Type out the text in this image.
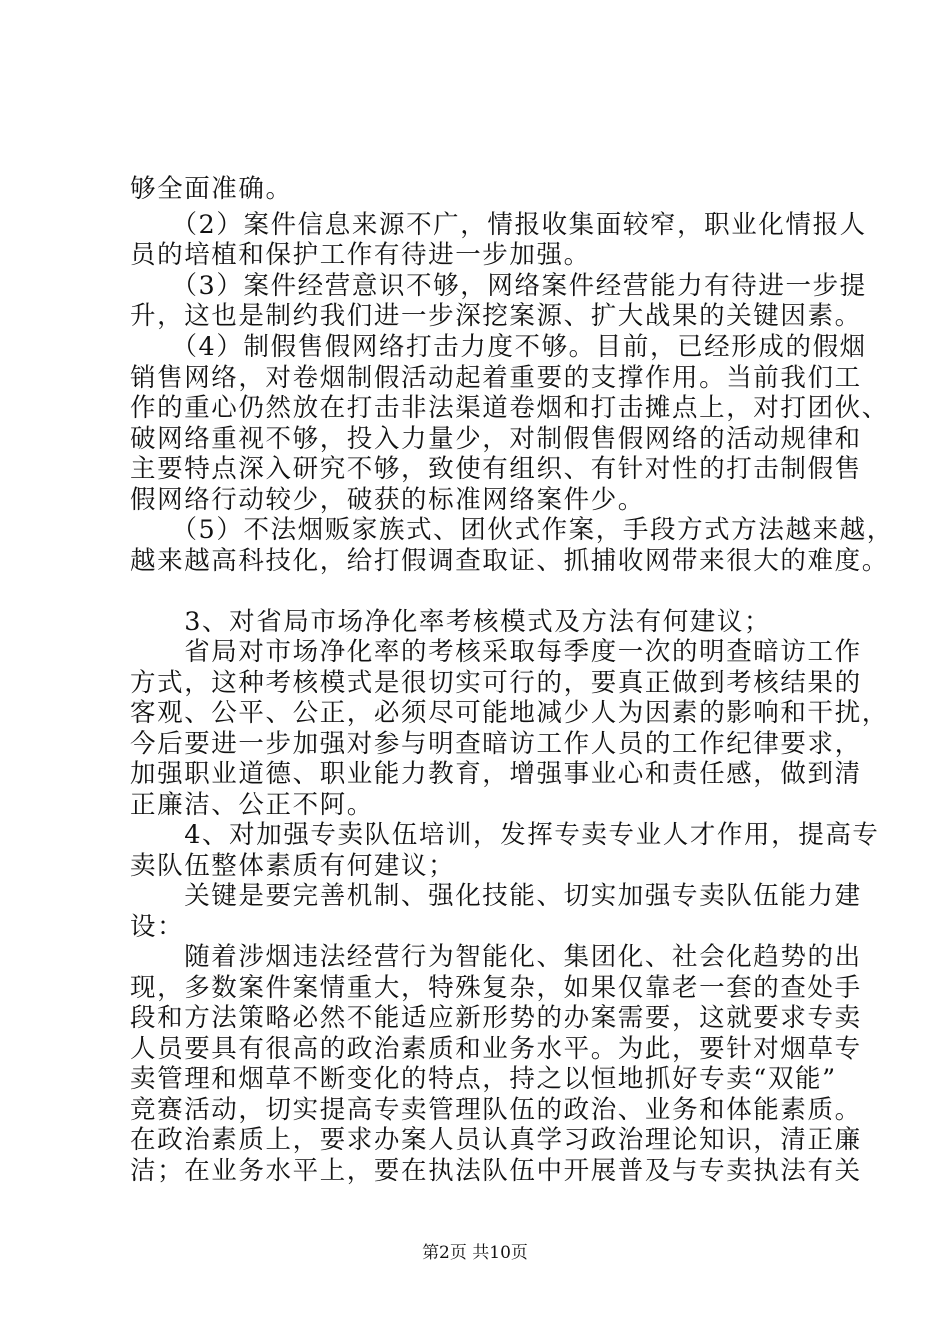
够全面准确。
　　（2）案件信息来源不广，情报收集面较窄，职业化情报人
员的培植和保护工作有待进一步加强。
　　（3）案件经营意识不够，网络案件经营能力有待进一步提
升，这也是制约我们进一步深挖案源、扩大战果的关键因素。
　　（4）制假售假网络打击力度不够。目前，已经形成的假烟
销售网络，对卷烟制假活动起着重要的支撑作用。当前我们工
作的重心仍然放在打击非法渠道卷烟和打击摊点上，对打团伙、
破网络重视不够，投入力量少，对制假售假网络的活动规律和
主要特点深入研究不够，致使有组织、有针对性的打击制假售
假网络行动较少，破获的标准网络案件少。
　　（5）不法烟贩家族式、团伙式作案，手段方式方法越来越，
越来越高科技化，给打假调查取证、抓捕收网带来很大的难度。
　　3、对省局市场净化率考核模式及方法有何建议；
　　省局对市场净化率的考核采取每季度一次的明查暗访工作
方式，这种考核模式是很切实可行的，要真正做到考核结果的
客观、公平、公正，必须尽可能地减少人为因素的影响和干扰，
今后要进一步加强对参与明查暗访工作人员的工作纪律要求，
加强职业道德、职业能力教育，增强事业心和责任感，做到清
正廉洁、公正不阿。
　　4、对加强专卖队伍培训，发挥专卖专业人才作用，提高专
卖队伍整体素质有何建议；
　　关键是要完善机制、强化技能、切实加强专卖队伍能力建
设：
　　随着涉烟违法经营行为智能化、集团化、社会化趋势的出
现，多数案件案情重大，特殊复杂，如果仅靠老一套的查处手
段和方法策略必然不能适应新形势的办案需要，这就要求专卖
人员要具有很高的政治素质和业务水平。为此，要针对烟草专
卖管理和烟草不断变化的特点，持之以恒地抓好专卖“双能”
竞赛活动，切实提高专卖管理队伍的政治、业务和体能素质。
在政治素质上，要求办案人员认真学习政治理论知识，清正廉
洁；在业务水平上，要在执法队伍中开展普及与专卖执法有关
第2页 共10页
